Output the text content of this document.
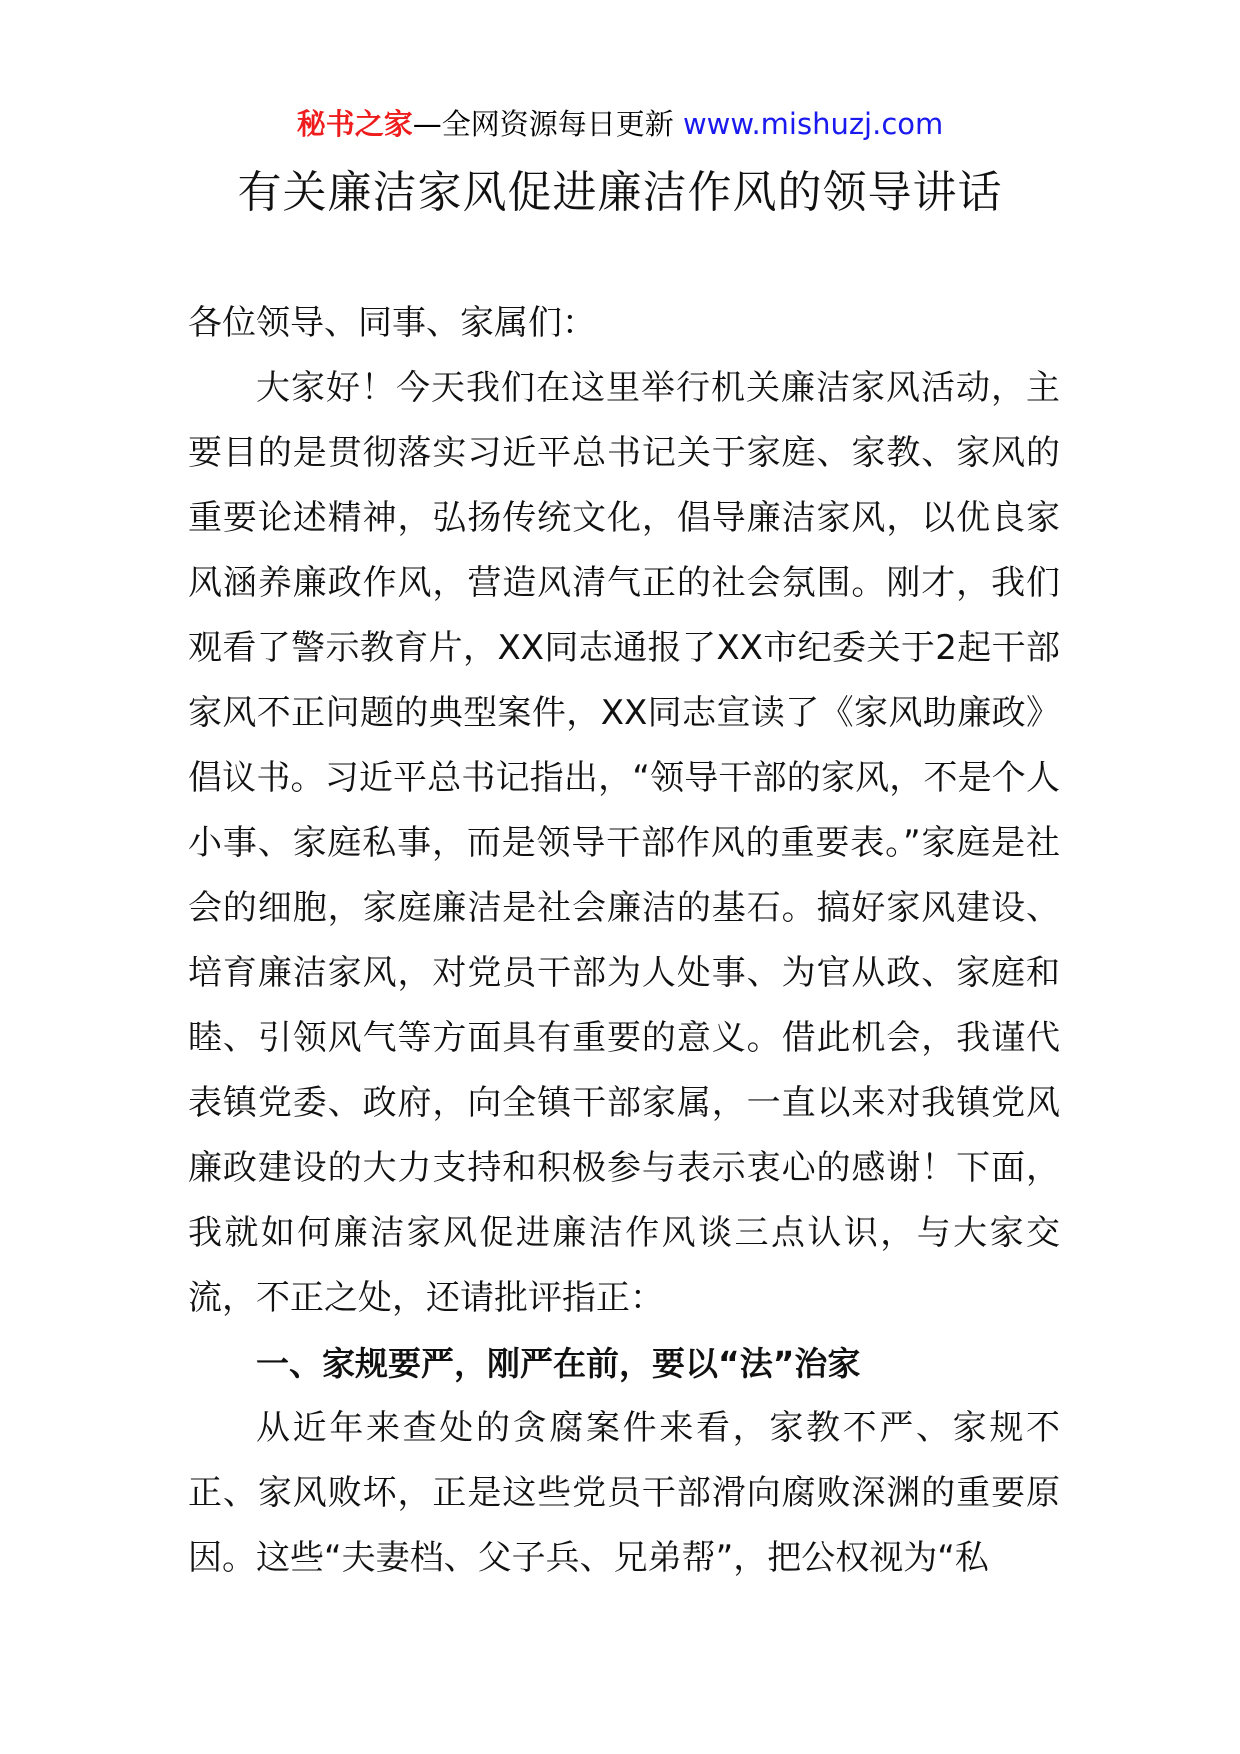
秘书之家—全网资源每日更新 www.mishuzj.com
有关廉洁家风促进廉洁作风的领导讲话

各位领导、同事、家属们：

大家好！今天我们在这里举行机关廉洁家风活动，主要目的是贯彻落实习近平总书记关于家庭、家教、家风的重要论述精神，弘扬传统文化，倡导廉洁家风，以优良家风涵养廉政作风，营造风清气正的社会氛围。刚才，我们观看了警示教育片，XX同志通报了XX市纪委关于2起干部家风不正问题的典型案件，XX同志宣读了《家风助廉政》倡议书。习近平总书记指出，“领导干部的家风，不是个人小事、家庭私事，而是领导干部作风的重要表。”家庭是社会的细胞，家庭廉洁是社会廉洁的基石。搞好家风建设、培育廉洁家风，对党员干部为人处事、为官从政、家庭和睦、引领风气等方面具有重要的意义。借此机会，我谨代表镇党委、政府，向全镇干部家属，一直以来对我镇党风廉政建设的大力支持和积极参与表示衷心的感谢！下面，我就如何廉洁家风促进廉洁作风谈三点认识，与大家交流，不正之处，还请批评指正：

一、家规要严，刚严在前，要以“法”治家

从近年来查处的贪腐案件来看，家教不严、家规不正、家风败坏，正是这些党员干部滑向腐败深渊的重要原因。这些“夫妻档、父子兵、兄弟帮”，把公权视为“私
